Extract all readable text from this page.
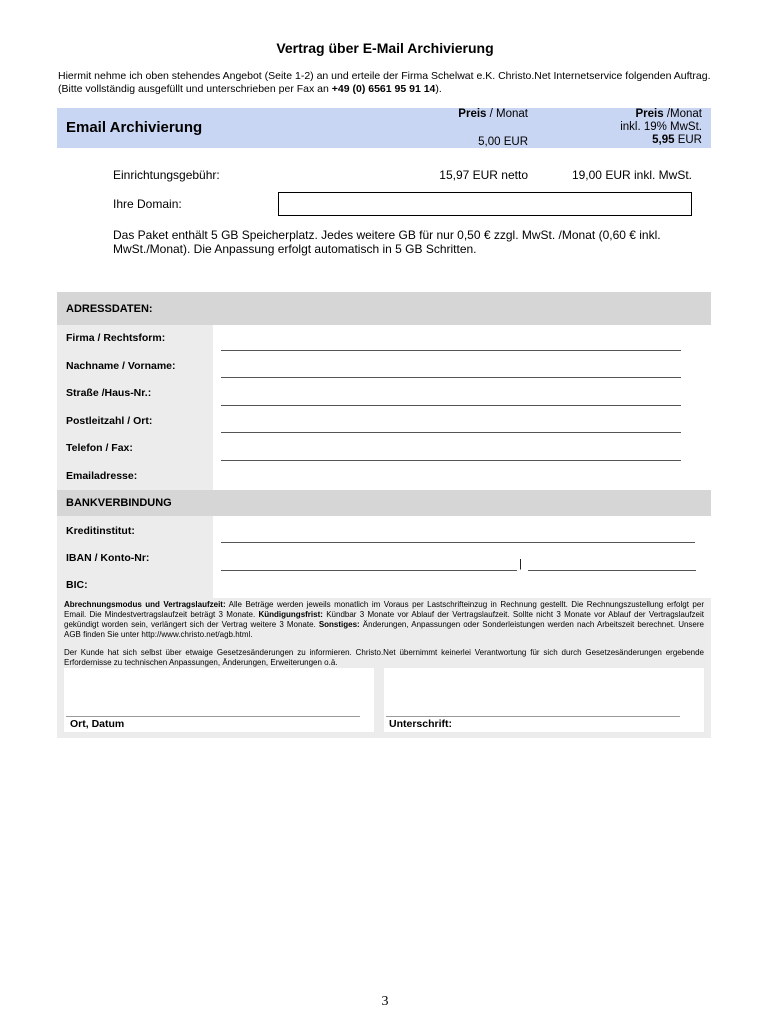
Vertrag über E-Mail Archivierung
Hiermit nehme ich oben stehendes Angebot (Seite 1-2) an und erteile der Firma Schelwat e.K. Christo.Net Internetservice folgenden Auftrag. (Bitte vollständig ausgefüllt und unterschrieben per Fax an +49 (0) 6561 95 91 14).
Email Archivierung
Preis / Monat
5,00 EUR
Preis /Monat
inkl. 19% MwSt.
5,95 EUR
Einrichtungsgebühr:	15,97 EUR netto	19,00 EUR inkl. MwSt.
Ihre Domain:
Das Paket enthält 5 GB Speicherplatz. Jedes weitere GB für nur 0,50 € zzgl. MwSt. /Monat (0,60 € inkl. MwSt./Monat). Die Anpassung erfolgt automatisch in 5 GB Schritten.
ADRESSDATEN:
Firma / Rechtsform:
Nachname / Vorname:
Straße /Haus-Nr.:
Postleitzahl / Ort:
Telefon / Fax:
Emailadresse:
BANKVERBINDUNG
Kreditinstitut:
IBAN / Konto-Nr:
BIC:
|
Abrechnungsmodus und Vertragslaufzeit: Alle Beträge werden jeweils monatlich im Voraus per Lastschrifteinzug in Rechnung gestellt. Die Rechnungszustellung erfolgt per Email. Die Mindestvertragslaufzeit beträgt 3 Monate. Kündigungsfrist: Kündbar 3 Monate vor Ablauf der Vertragslaufzeit. Sollte nicht 3 Monate vor Ablauf der Vertragslaufzeit gekündigt worden sein, verlängert sich der Vertrag weitere 3 Monate. Sonstiges: Änderungen, Anpassungen oder Sonderleistungen werden nach Arbeitszeit berechnet. Unsere AGB finden Sie unter http://www.christo.net/agb.html.
Der Kunde hat sich selbst über etwaige Gesetzesänderungen zu informieren. Christo.Net übernimmt keinerlei Verantwortung für sich durch Gesetzesänderungen ergebende Erfordernisse zu technischen Anpassungen, Änderungen, Erweiterungen o.ä.
Ort, Datum	Unterschrift:
3
